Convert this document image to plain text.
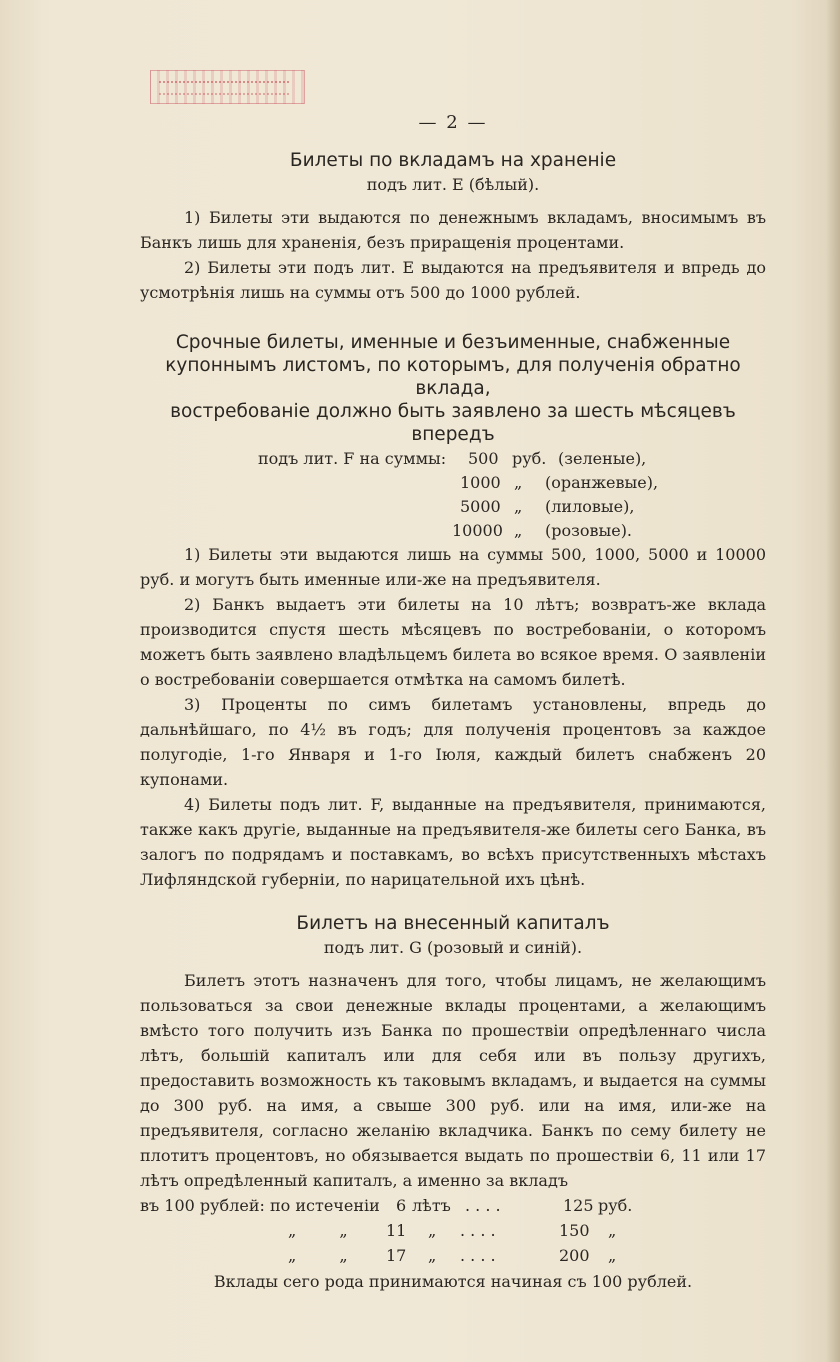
— 2 —
Билеты по вкладамъ на храненіе
подъ лит. Е (бѣлый).

1) Билеты эти выдаются по денежнымъ вкладамъ, вносимымъ въ Банкъ лишь для храненія, безъ приращенія процентами.

2) Билеты эти подъ лит. Е выдаются на предъявителя и впредь до усмотрѣнія лишь на суммы отъ 500 до 1000 рублей.

Срочные билеты, именные и безъименные, снабженные
купоннымъ листомъ, по которымъ, для полученія обратно вклада,
востребованіе должно быть заявлено за шесть мѣсяцевъ впередъ
подъ лит. F на суммы: 500 руб. (зеленые),
1000 „ (оранжевые),
5000 „ (лиловые),
10000 „ (розовые).

1) Билеты эти выдаются лишь на суммы 500, 1000, 5000 и 10000 руб. и могутъ быть именные или-же на предъявителя.

2) Банкъ выдаетъ эти билеты на 10 лѣтъ; возвратъ-же вклада производится спустя шесть мѣсяцевъ по востребованіи, о которомъ можетъ быть заявлено владѣльцемъ билета во всякое время. О заявленіи о востребованіи совершается отмѣтка на самомъ билетѣ.

3) Проценты по симъ билетамъ установлены, впредь до дальнѣйшаго, по 4½ въ годъ; для полученія процентовъ за каждое полугодіе, 1-го Января и 1-го Іюля, каждый билетъ снабженъ 20 купонами.

4) Билеты подъ лит. F, выданные на предъявителя, принимаются, также какъ другіе, выданные на предъявителя-же билеты сего Банка, въ залогъ по подрядамъ и поставкамъ, во всѣхъ присутственныхъ мѣстахъ Лифляндской губерніи, по нарицательной ихъ цѣнѣ.

Билетъ на внесенный капиталъ
подъ лит. G (розовый и синій).

Билетъ этотъ назначенъ для того, чтобы лицамъ, не желающимъ пользоваться за свои денежные вклады процентами, а желающимъ вмѣсто того получить изъ Банка по прошествіи опредѣленнаго числа лѣтъ, большій капиталъ или для себя или въ пользу другихъ, предоставить возможность къ таковымъ вкладамъ, и выдается на суммы до 300 руб. на имя, а свыше 300 руб. или на имя, или-же на предъявителя, согласно желанію вкладчика. Банкъ по сему билету не плотитъ процентовъ, но обязывается выдать по прошествіи 6, 11 или 17 лѣтъ опредѣленный капиталъ, а именно за вкладъ

въ 100 рублей: по истеченіи 6 лѣтъ . . . .	125 руб.
„ „ 11 „ . . . .	150 „
„ „ 17 „ . . . .	200 „

Вклады сего рода принимаются начиная съ 100 рублей.
